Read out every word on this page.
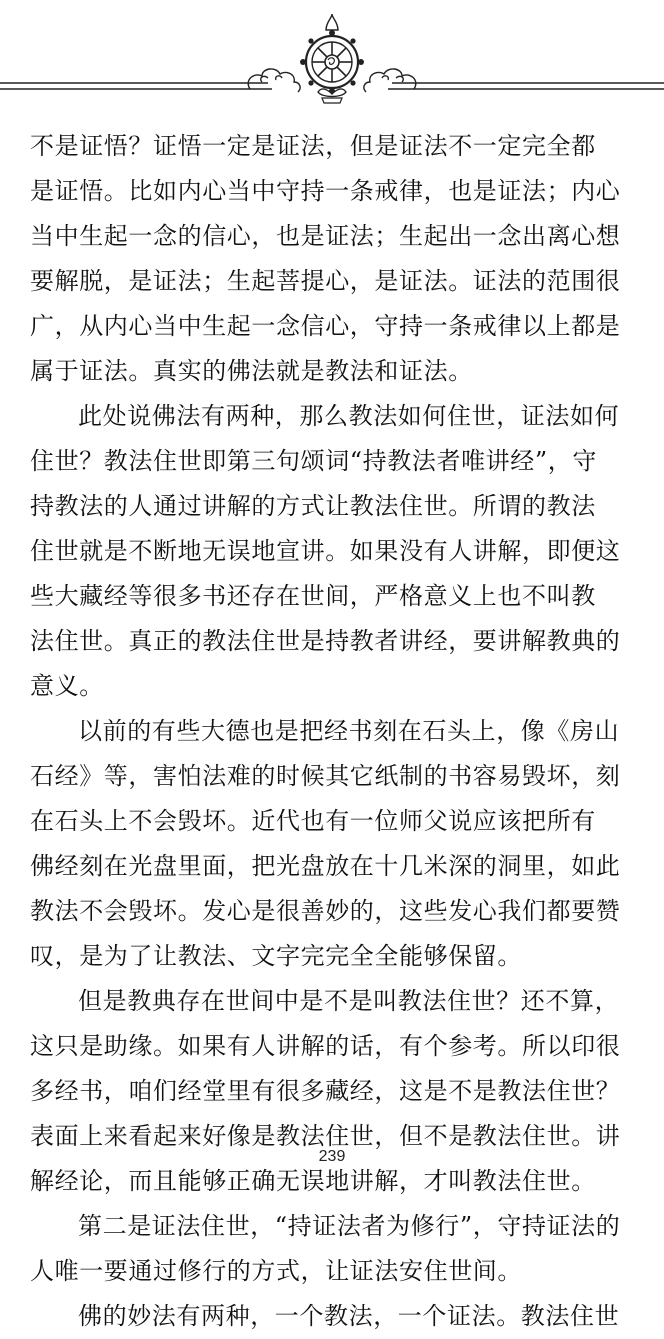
不是证悟？证悟一定是证法，但是证法不一定完全都
是证悟。比如内心当中守持一条戒律，也是证法；内心
当中生起一念的信心，也是证法；生起出一念出离心想
要解脱，是证法；生起菩提心，是证法。证法的范围很
广，从内心当中生起一念信心，守持一条戒律以上都是
属于证法。真实的佛法就是教法和证法。
此处说佛法有两种，那么教法如何住世，证法如何
住世？教法住世即第三句颂词“持教法者唯讲经”，守
持教法的人通过讲解的方式让教法住世。所谓的教法
住世就是不断地无误地宣讲。如果没有人讲解，即便这
些大藏经等很多书还存在世间，严格意义上也不叫教
法住世。真正的教法住世是持教者讲经，要讲解教典的
意义。
以前的有些大德也是把经书刻在石头上，像《房山
石经》等，害怕法难的时候其它纸制的书容易毁坏，刻
在石头上不会毁坏。近代也有一位师父说应该把所有
佛经刻在光盘里面，把光盘放在十几米深的洞里，如此
教法不会毁坏。发心是很善妙的，这些发心我们都要赞
叹，是为了让教法、文字完完全全能够保留。
但是教典存在世间中是不是叫教法住世？还不算，
这只是助缘。如果有人讲解的话，有个参考。所以印很
多经书，咱们经堂里有很多藏经，这是不是教法住世？
表面上来看起来好像是教法住世，但不是教法住世。讲
解经论，而且能够正确无误地讲解，才叫教法住世。
第二是证法住世，“持证法者为修行”，守持证法的
人唯一要通过修行的方式，让证法安住世间。
佛的妙法有两种，一个教法，一个证法。教法住世
239
